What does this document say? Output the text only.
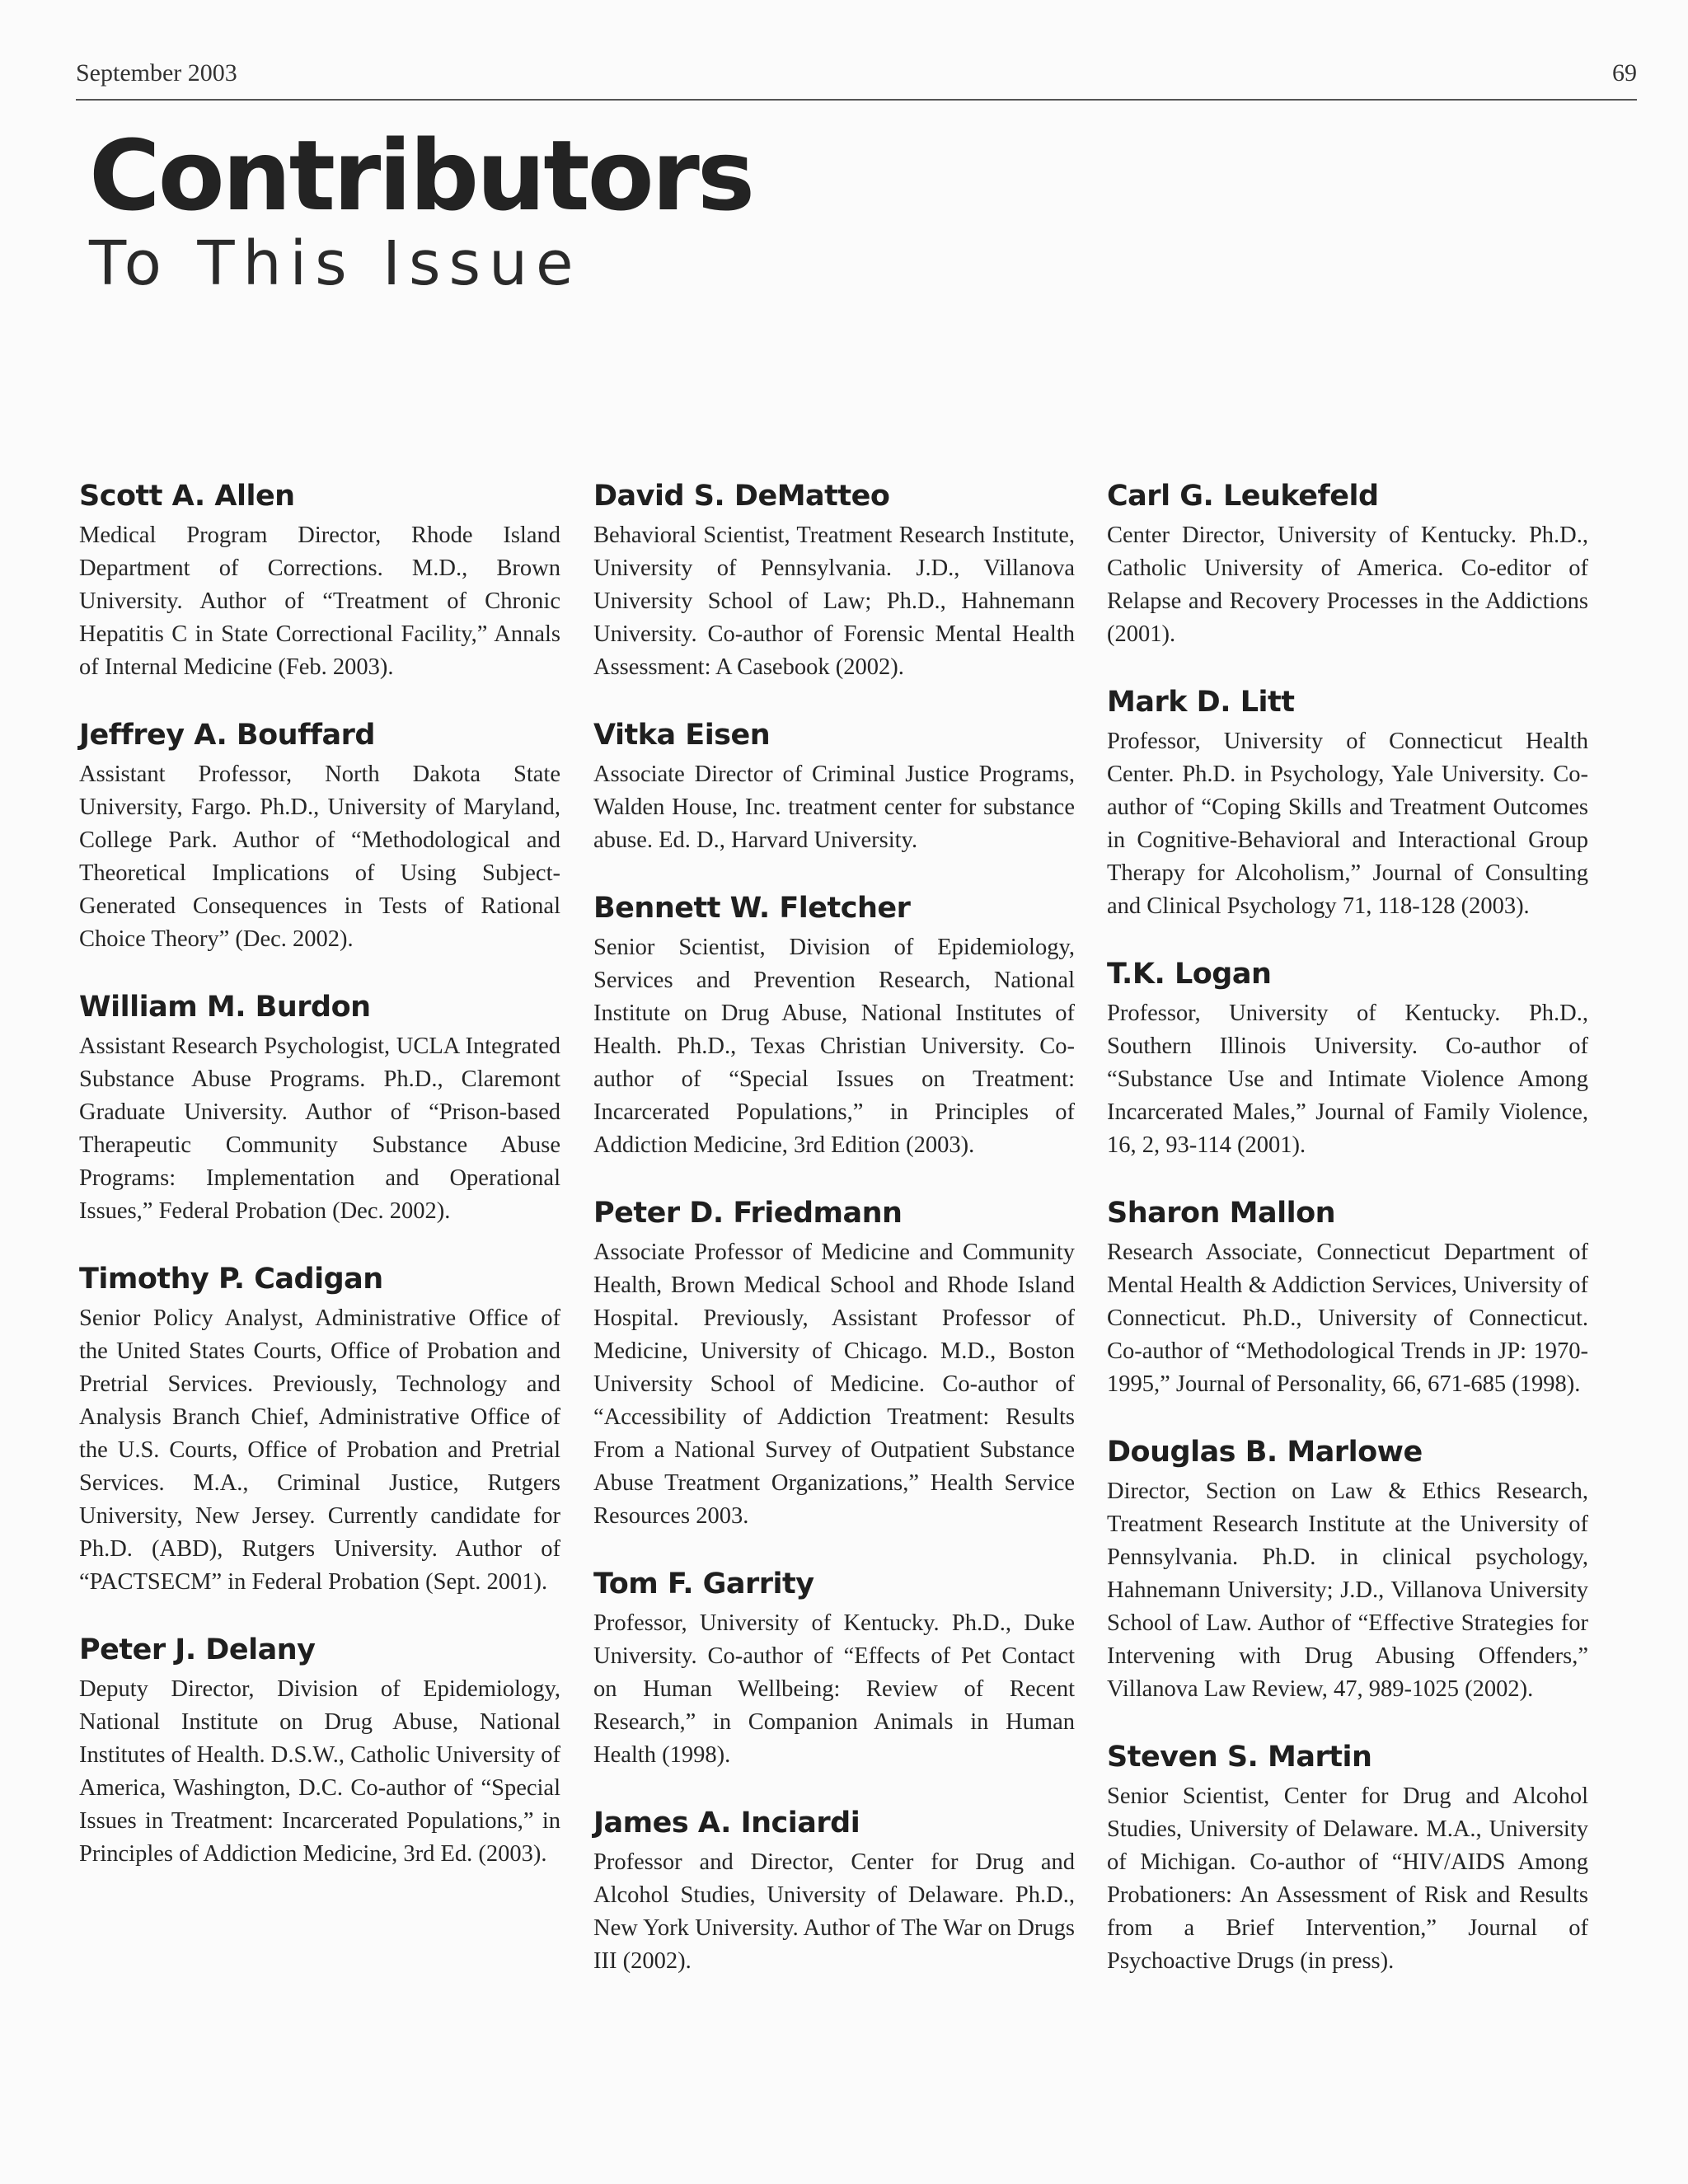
September 2003	69
Contributors
To This Issue
Scott A. Allen

Medical Program Director, Rhode Island Department of Corrections. M.D., Brown University. Author of “Treatment of Chronic Hepatitis C in State Correctional Facility,” Annals of Internal Medicine (Feb. 2003).

Jeffrey A. Bouffard

Assistant Professor, North Dakota State University, Fargo. Ph.D., University of Maryland, College Park. Author of “Methodological and Theoretical Implications of Using Subject-Generated Consequences in Tests of Rational Choice Theory” (Dec. 2002).

William M. Burdon

Assistant Research Psychologist, UCLA Integrated Substance Abuse Programs. Ph.D., Claremont Graduate University. Author of “Prison-based Therapeutic Community Substance Abuse Programs: Implementation and Operational Issues,” Federal Probation (Dec. 2002).

Timothy P. Cadigan

Senior Policy Analyst, Administrative Office of the United States Courts, Office of Probation and Pretrial Services. Previously, Technology and Analysis Branch Chief, Administrative Office of the U.S. Courts, Office of Probation and Pretrial Services. M.A., Criminal Justice, Rutgers University, New Jersey. Currently candidate for Ph.D. (ABD), Rutgers University. Author of “PACTSECM” in Federal Probation (Sept. 2001).

Peter J. Delany

Deputy Director, Division of Epidemiology, National Institute on Drug Abuse, National Institutes of Health. D.S.W., Catholic University of America, Washington, D.C. Co-author of “Special Issues in Treatment: Incarcerated Populations,” in Principles of Addiction Medicine, 3rd Ed. (2003).

David S. DeMatteo

Behavioral Scientist, Treatment Research Institute, University of Pennsylvania. J.D., Villanova University School of Law; Ph.D., Hahnemann University. Co-author of Forensic Mental Health Assessment: A Casebook (2002).

Vitka Eisen

Associate Director of Criminal Justice Programs, Walden House, Inc. treatment center for substance abuse. Ed. D., Harvard University.

Bennett W. Fletcher

Senior Scientist, Division of Epidemiology, Services and Prevention Research, National Institute on Drug Abuse, National Institutes of Health. Ph.D., Texas Christian University. Co-author of “Special Issues on Treatment: Incarcerated Populations,” in Principles of Addiction Medicine, 3rd Edition (2003).

Peter D. Friedmann

Associate Professor of Medicine and Community Health, Brown Medical School and Rhode Island Hospital. Previously, Assistant Professor of Medicine, University of Chicago. M.D., Boston University School of Medicine. Co-author of “Accessibility of Addiction Treatment: Results From a National Survey of Outpatient Substance Abuse Treatment Organizations,” Health Service Resources 2003.

Tom F. Garrity

Professor, University of Kentucky. Ph.D., Duke University. Co-author of “Effects of Pet Contact on Human Wellbeing: Review of Recent Research,” in Companion Animals in Human Health (1998).

James A. Inciardi

Professor and Director, Center for Drug and Alcohol Studies, University of Delaware. Ph.D., New York University. Author of The War on Drugs III (2002).

Carl G. Leukefeld

Center Director, University of Kentucky. Ph.D., Catholic University of America. Co-editor of Relapse and Recovery Processes in the Addictions (2001).

Mark D. Litt

Professor, University of Connecticut Health Center. Ph.D. in Psychology, Yale University. Co-author of “Coping Skills and Treatment Outcomes in Cognitive-Behavioral and Interactional Group Therapy for Alcoholism,” Journal of Consulting and Clinical Psychology 71, 118-128 (2003).

T.K. Logan

Professor, University of Kentucky. Ph.D., Southern Illinois University. Co-author of “Substance Use and Intimate Violence Among Incarcerated Males,” Journal of Family Violence, 16, 2, 93-114 (2001).

Sharon Mallon

Research Associate, Connecticut Department of Mental Health & Addiction Services, University of Connecticut. Ph.D., University of Connecticut. Co-author of “Methodological Trends in JP: 1970-1995,” Journal of Personality, 66, 671-685 (1998).

Douglas B. Marlowe

Director, Section on Law & Ethics Research, Treatment Research Institute at the University of Pennsylvania. Ph.D. in clinical psychology, Hahnemann University; J.D., Villanova University School of Law. Author of “Effective Strategies for Intervening with Drug Abusing Offenders,” Villanova Law Review, 47, 989-1025 (2002).

Steven S. Martin

Senior Scientist, Center for Drug and Alcohol Studies, University of Delaware. M.A., University of Michigan. Co-author of “HIV/AIDS Among Probationers: An Assessment of Risk and Results from a Brief Intervention,” Journal of Psychoactive Drugs (in press).
